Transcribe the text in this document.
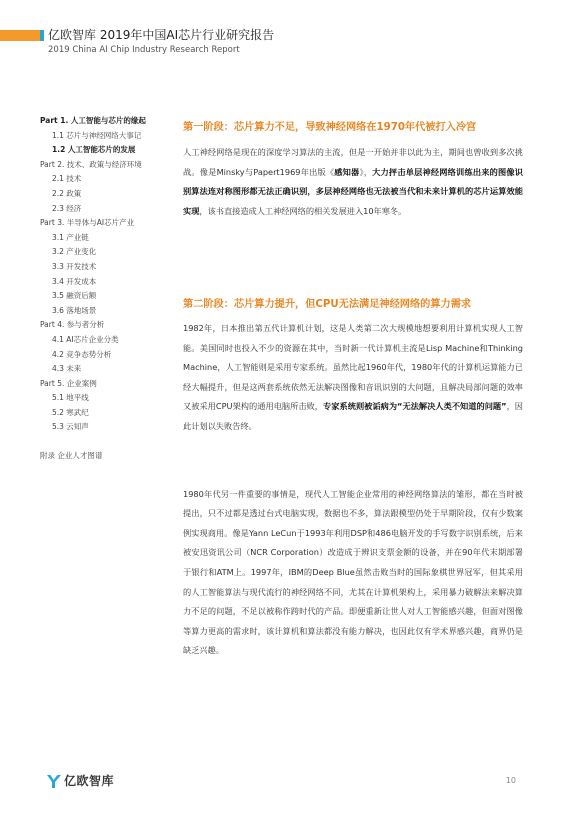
亿欧智库 2019年中国AI芯片行业研究报告
2019 China AI Chip Industry Research Report
Part 1. 人工智能与芯片的缘起
1.1 芯片与神经网络大事记
1.2 人工智能芯片的发展
Part 2. 技术、政策与经济环境
2.1 技术
2.2 政策
2.3 经济
Part 3. 半导体与AI芯片产业
3.1 产业链
3.2 产业变化
3.3 开发技术
3.4 开发成本
3.5 融资后额
3.6 落地场景
Part 4. 参与者分析
4.1 AI芯片企业分类
4.2 竞争态势分析
4.3 未来
Part 5. 企业案例
5.1 地平线
5.2 寒武纪
5.3 云知声
附录 企业人才图谱
第一阶段：芯片算力不足，导致神经网络在1970年代被打入冷宫

人工神经网络是现在的深度学习算法的主流，但是一开始并非以此为主，期间也曾收到多次挑战。像是Minsky与Papert1969年出版《感知器》，大力抨击单层神经网络训练出来的图像识别算法连对称图形都无法正确识别，多层神经网络也无法被当代和未来计算机的芯片运算效能实现，该书直接造成人工神经网络的相关发展进入10年寒冬。

第二阶段：芯片算力提升，但CPU无法满足神经网络的算力需求

1982年，日本推出第五代计算机计划，这是人类第二次大规模地想要利用计算机实现人工智能。美国同时也投入不少的资源在其中，当时新一代计算机主流是Lisp Machine和Thinking Machine，人工智能则是采用专家系统。虽然比起1960年代，1980年代的计算机运算能力已经大幅提升，但是这两套系统依然无法解决图像和音讯识别的大问题，且解决局部问题的效率又被采用CPU架构的通用电脑所击败，专家系统则被诟病为“无法解决人类不知道的问题”，因此计划以失败告终。

1980年代另一件重要的事情是，现代人工智能企业常用的神经网络算法的雏形，都在当时被提出，只不过都是透过台式电脑实现，数据也不多，算法跟模型仍处于早期阶段，仅有少数案例实现商用。像是Yann LeCun于1993年利用DSP和486电脑开发的手写数字识别系统，后来被安迅资讯公司（NCR Corporation）改造成于辨识支票金额的设备，并在90年代末期部署于银行和ATM上。1997年，IBM的Deep Blue虽然击败当时的国际象棋世界冠军，但其采用的人工智能算法与现代流行的神经网络不同，尤其在计算机架构上，采用暴力破解法来解决算力不足的问题，不足以被称作跨时代的产品。即便重新让世人对人工智能感兴趣，但面对图像等算力更高的需求时，该计算机和算法都没有能力解决，也因此仅有学术界感兴趣，商界仍是缺乏兴趣。

亿欧智库	10
